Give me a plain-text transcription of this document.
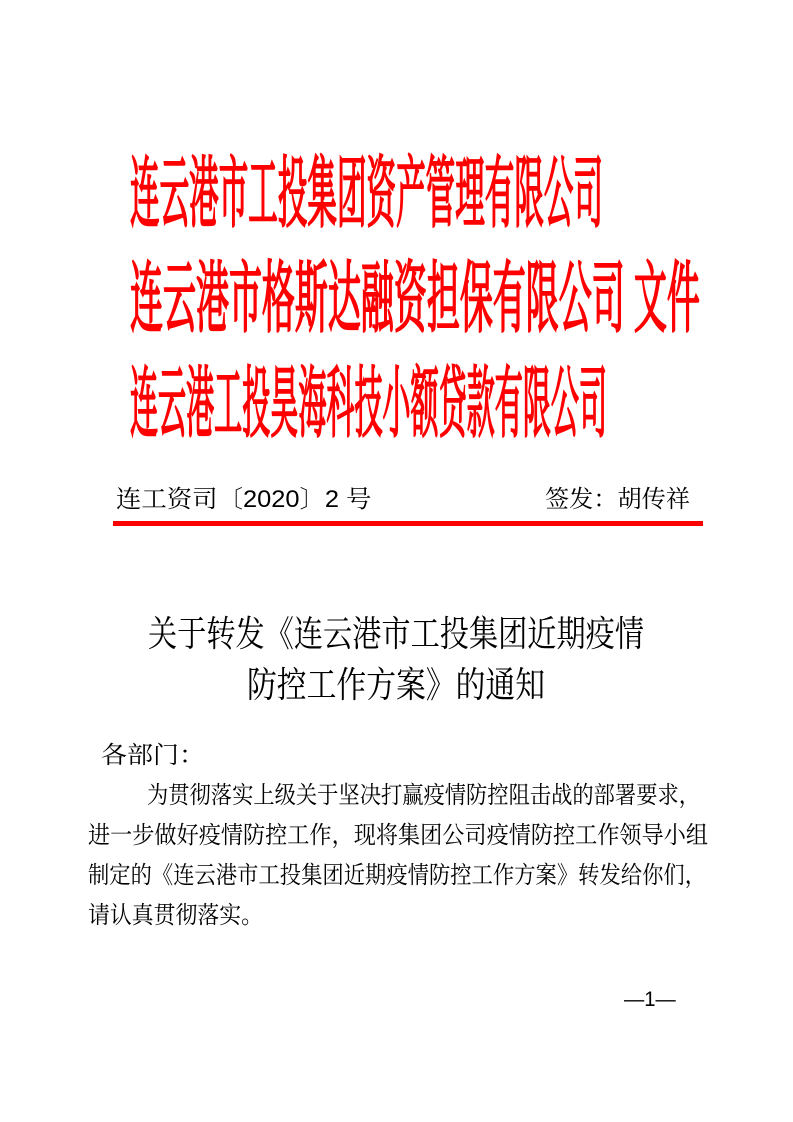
连云港市工投集团资产管理有限公司
连云港市格斯达融资担保有限公司 文件
连云港工投昊海科技小额贷款有限公司
连工资司〔2020〕2 号	签发：胡传祥
关于转发《连云港市工投集团近期疫情
防控工作方案》的通知
各部门：
为贯彻落实上级关于坚决打赢疫情防控阻击战的部署要求，
进一步做好疫情防控工作，现将集团公司疫情防控工作领导小组
制定的《连云港市工投集团近期疫情防控工作方案》转发给你们，
请认真贯彻落实。
—1—
